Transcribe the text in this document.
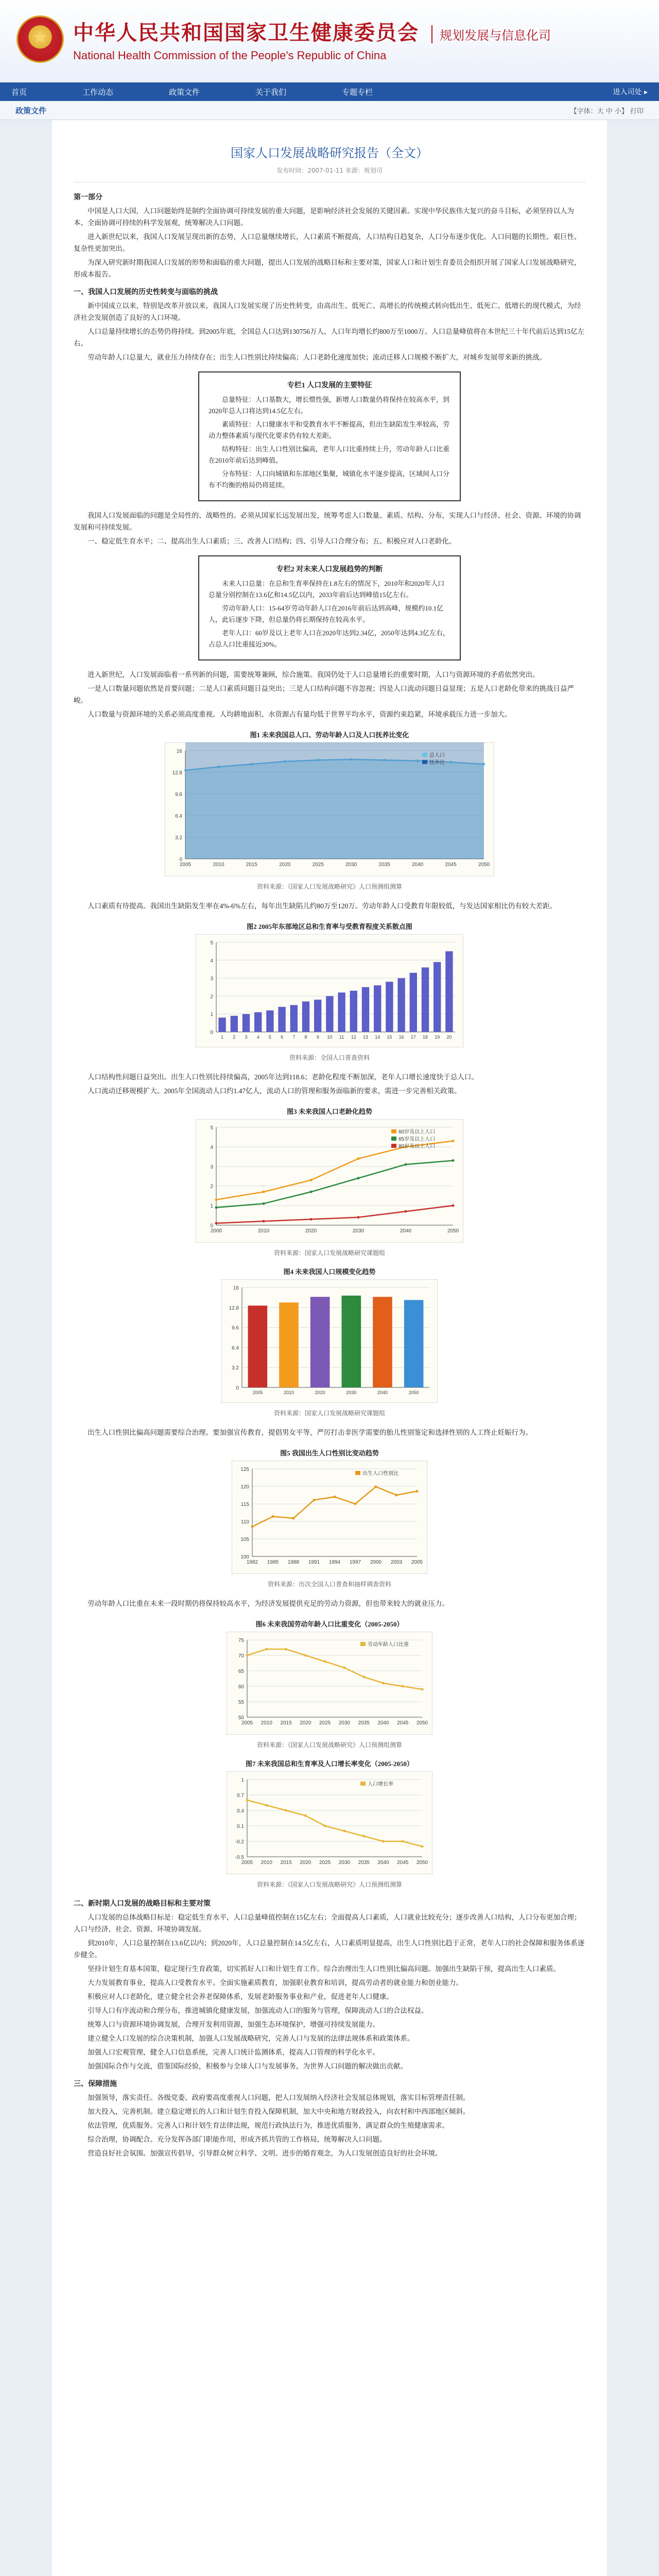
★
中华人民共和国国家卫生健康委员会 规划发展与信息化司
National Health Commission of the People's Republic of China
首页	工作动态	政策文件	关于我们	专题专栏	进入司处 ▸
政策文件	【字体：大 中 小】 打印
国家人口发展战略研究报告（全文）
发布时间：2007-01-11 来源：规划司
第一部分

中国是人口大国，人口问题始终是制约全面协调可持续发展的重大问题，是影响经济社会发展的关键因素。实现中华民族伟大复兴的奋斗目标，必须坚持以人为本、全面协调可持续的科学发展观，统筹解决人口问题。

进入新世纪以来，我国人口发展呈现出新的态势，人口总量继续增长，人口素质不断提高，人口结构日趋复杂，人口分布逐步优化。人口问题的长期性、艰巨性、复杂性更加突出。

为深入研究新时期我国人口发展的形势和面临的重大问题，提出人口发展的战略目标和主要对策，国家人口和计划生育委员会组织开展了国家人口发展战略研究，形成本报告。

一、我国人口发展的历史性转变与面临的挑战

新中国成立以来，特别是改革开放以来，我国人口发展实现了历史性转变，由高出生、低死亡、高增长的传统模式转向低出生、低死亡、低增长的现代模式，为经济社会发展创造了良好的人口环境。

人口总量持续增长的态势仍将持续。到2005年底，全国总人口达到130756万人，人口年均增长约800万至1000万。人口总量峰值将在本世纪三十年代前后达到15亿左右。

劳动年龄人口总量大，就业压力持续存在；出生人口性别比持续偏高；人口老龄化速度加快；流动迁移人口规模不断扩大，对城乡发展带来新的挑战。

专栏1 人口发展的主要特征

总量特征：人口基数大，增长惯性强，新增人口数量仍将保持在较高水平，到2020年总人口将达到14.5亿左右。

素质特征：人口健康水平和受教育水平不断提高，但出生缺陷发生率较高，劳动力整体素质与现代化要求仍有较大差距。

结构特征：出生人口性别比偏高，老年人口比重持续上升，劳动年龄人口比重在2010年前后达到峰值。

分布特征：人口向城镇和东部地区集聚，城镇化水平逐步提高，区域间人口分布不均衡的格局仍将延续。

我国人口发展面临的问题是全局性的、战略性的。必须从国家长远发展出发，统筹考虑人口数量、素质、结构、分布，实现人口与经济、社会、资源、环境的协调发展和可持续发展。

一、稳定低生育水平；二、提高出生人口素质；三、改善人口结构；四、引导人口合理分布；五、积极应对人口老龄化。

专栏2 对未来人口发展趋势的判断

未来人口总量：在总和生育率保持在1.8左右的情况下，2010年和2020年人口总量分别控制在13.6亿和14.5亿以内，2033年前后达到峰值15亿左右。

劳动年龄人口：15-64岁劳动年龄人口在2016年前后达到高峰，规模约10.1亿人，此后逐步下降，但总量仍将长期保持在较高水平。

老年人口：60岁及以上老年人口在2020年达到2.34亿，2050年达到4.3亿左右，占总人口比重接近30%。

进入新世纪，人口发展面临着一系列新的问题，需要统筹兼顾，综合施策。我国仍处于人口总量增长的重要时期，人口与资源环境的矛盾依然突出。

一是人口数量问题依然是首要问题；二是人口素质问题日益突出；三是人口结构问题不容忽视；四是人口流动问题日益显现；五是人口老龄化带来的挑战日益严峻。

人口数量与资源环境的关系必须高度重视。人均耕地面积、水资源占有量均低于世界平均水平，资源约束趋紧，环境承载压力进一步加大。

图1 未来我国总人口、劳动年龄人口及人口抚养比变化
0
3.2
6.4
9.6
12.8
16
2005	2010	2015	2020	2025	2030	2035	2040	2045	2050
总人口
抚养比
资料来源：《国家人口发展战略研究》人口预测组测算

人口素质有待提高。我国出生缺陷发生率在4%-6%左右，每年出生缺陷儿约80万至120万。劳动年龄人口受教育年限较低，与发达国家相比仍有较大差距。

图2 2005年东部地区总和生育率与受教育程度关系散点图
0
1
2
3
4
5
1 2 3 4 5 6 7 8 9 10 11 12 13 14 15 16 17 18 19 20
资料来源：全国人口普查资料

人口结构性问题日益突出。出生人口性别比持续偏高，2005年达到118.6；老龄化程度不断加深，老年人口增长速度快于总人口。

人口流动迁移规模扩大。2005年全国流动人口约1.47亿人，流动人口的管理和服务面临新的要求，需进一步完善相关政策。

图3 未来我国人口老龄化趋势
0
1
2
3
4
5
2000	2010	2020	2030	2040	2050
60岁及以上人口
65岁及以上人口
80岁及以上人口
资料来源：国家人口发展战略研究课题组
图4 未来我国人口规模变化趋势
0
3.2
6.4
9.6
12.8
16
2005	2010	2020	2030	2040	2050
资料来源：国家人口发展战略研究课题组

出生人口性别比偏高问题需要综合治理。要加强宣传教育，提倡男女平等，严厉打击非医学需要的胎儿性别鉴定和选择性别的人工终止妊娠行为。

图5 我国出生人口性别比变动趋势
100
105
110
115
120
125
1982 1985 1988 1991 1994 1997 2000 2003 2005
出生人口性别比
资料来源：历次全国人口普查和抽样调查资料

劳动年龄人口比重在未来一段时期仍将保持较高水平，为经济发展提供充足的劳动力资源，但也带来较大的就业压力。

图6 未来我国劳动年龄人口比重变化（2005-2050）
50
55
60
65
70
75
2005 2010 2015 2020 2025 2030 2035 2040 2045 2050
劳动年龄人口比重
资料来源：《国家人口发展战略研究》人口预测组测算
图7 未来我国总和生育率及人口增长率变化（2005-2050）
-0.5
-0.2
0.1
0.4
0.7
1
2005 2010 2015 2020 2025 2030 2035 2040 2045 2050
人口增长率
资料来源：《国家人口发展战略研究》人口预测组测算
二、新时期人口发展的战略目标和主要对策

人口发展的总体战略目标是：稳定低生育水平，人口总量峰值控制在15亿左右；全面提高人口素质，人口就业比较充分；逐步改善人口结构，人口分布更加合理；人口与经济、社会、资源、环境协调发展。

到2010年，人口总量控制在13.6亿以内；到2020年，人口总量控制在14.5亿左右，人口素质明显提高，出生人口性别比趋于正常，老年人口的社会保障和服务体系逐步健全。

坚持计划生育基本国策，稳定现行生育政策，切实抓好人口和计划生育工作。综合治理出生人口性别比偏高问题。加强出生缺陷干预，提高出生人口素质。

大力发展教育事业，提高人口受教育水平。全面实施素质教育，加强职业教育和培训，提高劳动者的就业能力和创业能力。

积极应对人口老龄化，建立健全社会养老保障体系，发展老龄服务事业和产业，促进老年人口健康。

引导人口有序流动和合理分布，推进城镇化健康发展，加强流动人口的服务与管理，保障流动人口的合法权益。

统筹人口与资源环境协调发展，合理开发利用资源，加强生态环境保护，增强可持续发展能力。

建立健全人口发展的综合决策机制，加强人口发展战略研究，完善人口与发展的法律法规体系和政策体系。

加强人口宏观管理，健全人口信息系统，完善人口统计监测体系，提高人口管理的科学化水平。

加强国际合作与交流，借鉴国际经验，积极参与全球人口与发展事务，为世界人口问题的解决做出贡献。

三、保障措施

加强领导，落实责任。各级党委、政府要高度重视人口问题，把人口发展纳入经济社会发展总体规划，落实目标管理责任制。

加大投入，完善机制。建立稳定增长的人口和计划生育投入保障机制，加大中央和地方财政投入，向农村和中西部地区倾斜。

依法管理，优质服务。完善人口和计划生育法律法规，规范行政执法行为，推进优质服务，满足群众的生殖健康需求。

综合治理，协调配合。充分发挥各部门职能作用，形成齐抓共管的工作格局，统筹解决人口问题。

营造良好社会氛围。加强宣传倡导，引导群众树立科学、文明、进步的婚育观念，为人口发展创造良好的社会环境。
